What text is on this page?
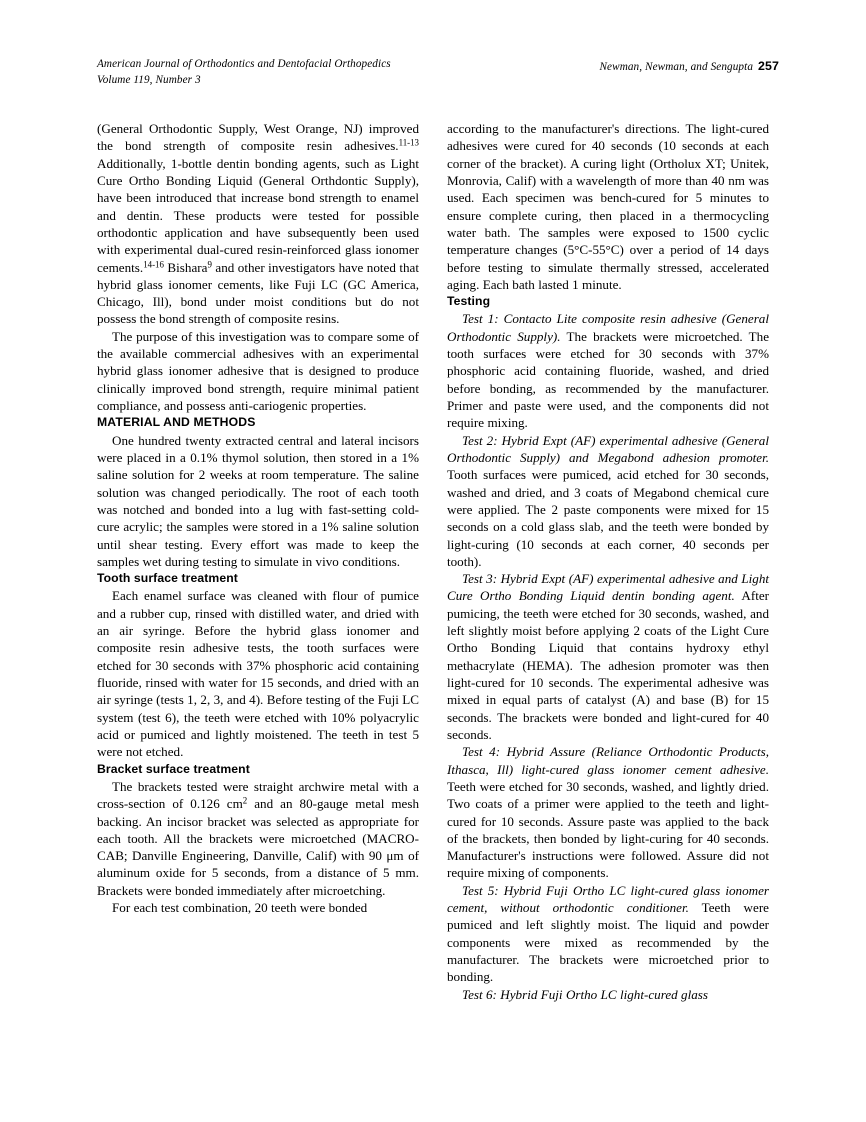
American Journal of Orthodontics and Dentofacial Orthopedics
Volume 119, Number 3
Newman, Newman, and Sengupta 257

(General Orthodontic Supply, West Orange, NJ) improved the bond strength of composite resin adhesives.$^{11-13}$ Additionally, 1-bottle dentin bonding agents, such as Light Cure Ortho Bonding Liquid (General Orthdontic Supply), have been introduced that increase bond strength to enamel and dentin. These products were tested for possible orthodontic application and have subsequently been used with experimental dual-cured resin-reinforced glass ionomer cements.$^{14-16}$ Bishara$^9$ and other investigators have noted that hybrid glass ionomer cements, like Fuji LC (GC America, Chicago, Ill), bond under moist conditions but do not possess the bond strength of composite resins.

The purpose of this investigation was to compare some of the available commercial adhesives with an experimental hybrid glass ionomer adhesive that is designed to produce clinically improved bond strength, require minimal patient compliance, and possess anti-cariogenic properties.

MATERIAL AND METHODS

One hundred twenty extracted central and lateral incisors were placed in a 0.1% thymol solution, then stored in a 1% saline solution for 2 weeks at room temperature. The saline solution was changed periodically. The root of each tooth was notched and bonded into a lug with fast-setting cold-cure acrylic; the samples were stored in a 1% saline solution until shear testing. Every effort was made to keep the samples wet during testing to simulate in vivo conditions.

Tooth surface treatment

Each enamel surface was cleaned with flour of pumice and a rubber cup, rinsed with distilled water, and dried with an air syringe. Before the hybrid glass ionomer and composite resin adhesive tests, the tooth surfaces were etched for 30 seconds with 37% phosphoric acid containing fluoride, rinsed with water for 15 seconds, and dried with an air syringe (tests 1, 2, 3, and 4). Before testing of the Fuji LC system (test 6), the teeth were etched with 10% polyacrylic acid or pumiced and lightly moistened. The teeth in test 5 were not etched.

Bracket surface treatment

The brackets tested were straight archwire metal with a cross-section of 0.126 $cm^2$ and an 80-gauge metal mesh backing. An incisor bracket was selected as appropriate for each tooth. All the brackets were microetched (MACRO-CAB; Danville Engineering, Danville, Calif) with 90 μm of aluminum oxide for 5 seconds, from a distance of 5 mm. Brackets were bonded immediately after microetching.

For each test combination, 20 teeth were bonded

according to the manufacturer's directions. The light-cured adhesives were cured for 40 seconds (10 seconds at each corner of the bracket). A curing light (Ortholux XT; Unitek, Monrovia, Calif) with a wavelength of more than 40 nm was used. Each specimen was bench-cured for 5 minutes to ensure complete curing, then placed in a thermocycling water bath. The samples were exposed to 1500 cyclic temperature changes (5°C-55°C) over a period of 14 days before testing to simulate thermally stressed, accelerated aging. Each bath lasted 1 minute.

Testing

Test 1: Contacto Lite composite resin adhesive (General Orthodontic Supply). The brackets were microetched. The tooth surfaces were etched for 30 seconds with 37% phosphoric acid containing fluoride, washed, and dried before bonding, as recommended by the manufacturer. Primer and paste were used, and the components did not require mixing.

Test 2: Hybrid Expt (AF) experimental adhesive (General Orthodontic Supply) and Megabond adhesion promoter. Tooth surfaces were pumiced, acid etched for 30 seconds, washed and dried, and 3 coats of Megabond chemical cure were applied. The 2 paste components were mixed for 15 seconds on a cold glass slab, and the teeth were bonded by light-curing (10 seconds at each corner, 40 seconds per tooth).

Test 3: Hybrid Expt (AF) experimental adhesive and Light Cure Ortho Bonding Liquid dentin bonding agent. After pumicing, the teeth were etched for 30 seconds, washed, and left slightly moist before applying 2 coats of the Light Cure Ortho Bonding Liquid that contains hydroxy ethyl methacrylate (HEMA). The adhesion promoter was then light-cured for 10 seconds. The experimental adhesive was mixed in equal parts of catalyst (A) and base (B) for 15 seconds. The brackets were bonded and light-cured for 40 seconds.

Test 4: Hybrid Assure (Reliance Orthodontic Products, Ithasca, Ill) light-cured glass ionomer cement adhesive. Teeth were etched for 30 seconds, washed, and lightly dried. Two coats of a primer were applied to the teeth and light-cured for 10 seconds. Assure paste was applied to the back of the brackets, then bonded by light-curing for 40 seconds. Manufacturer's instructions were followed. Assure did not require mixing of components.

Test 5: Hybrid Fuji Ortho LC light-cured glass ionomer cement, without orthodontic conditioner. Teeth were pumiced and left slightly moist. The liquid and powder components were mixed as recommended by the manufacturer. The brackets were microetched prior to bonding.

Test 6: Hybrid Fuji Ortho LC light-cured glass
